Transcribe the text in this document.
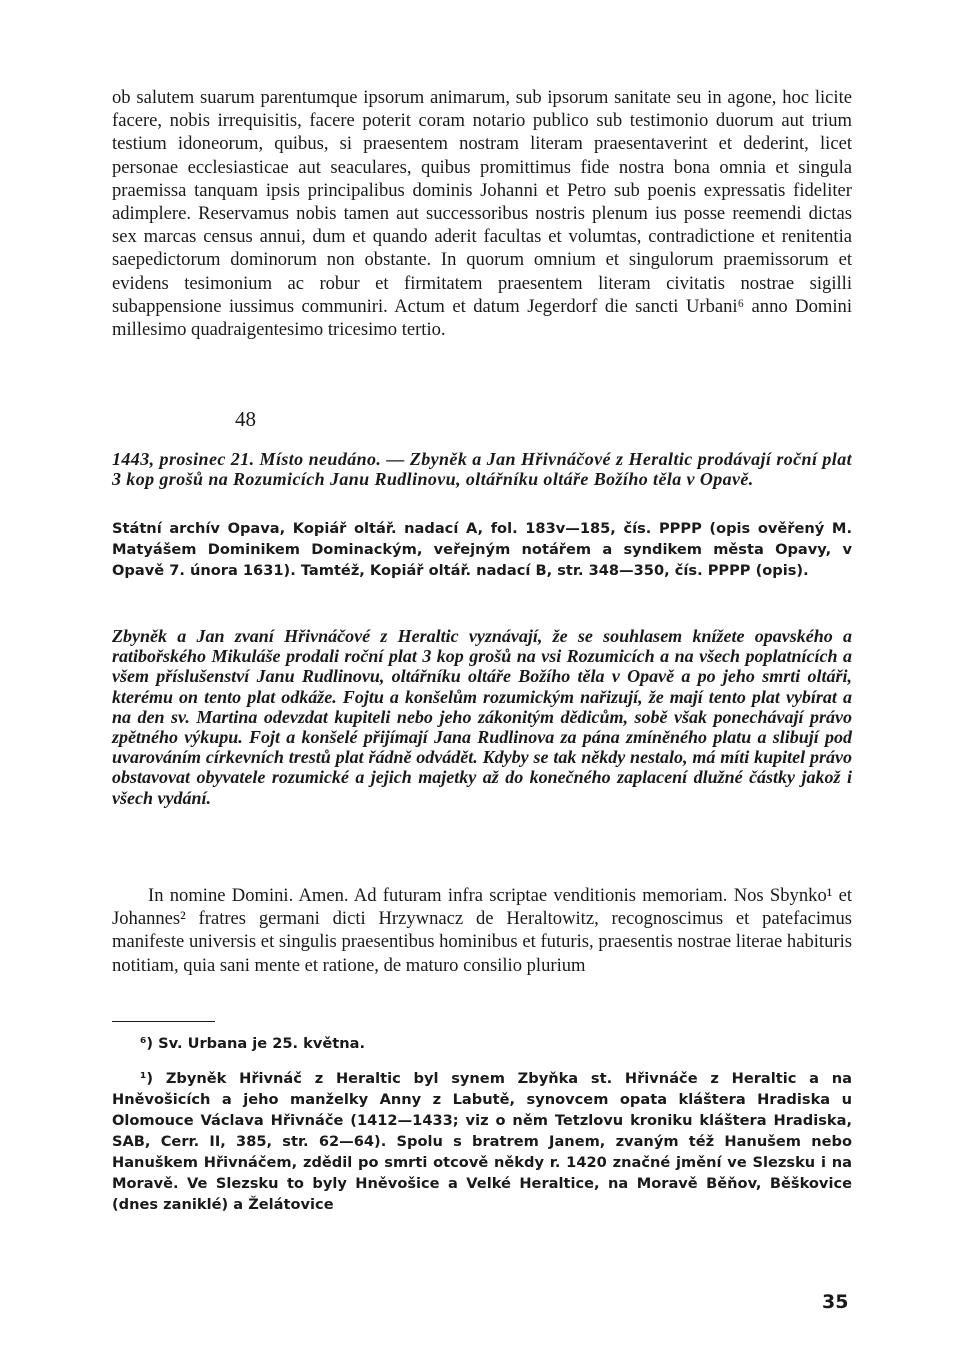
ob salutem suarum parentumque ipsorum animarum, sub ipsorum sanitate seu in agone, hoc licite facere, nobis irrequisitis, facere poterit coram notario publico sub testimonio duorum aut trium testium idoneorum, quibus, si praesentem nostram literam praesentaverint et dederint, licet personae ecclesiasticae aut seaculares, quibus promittimus fide nostra bona omnia et singula praemissa tanquam ipsis principalibus dominis Johanni et Petro sub poenis expressatis fideliter adimplere. Reservamus nobis tamen aut successoribus nostris plenum ius posse reemendi dictas sex marcas census annui, dum et quando aderit facultas et volumtas, contradictione et renitentia saepedictorum dominorum non obstante. In quorum omnium et singulorum praemissorum et evidens tesimonium ac robur et firmitatem praesentem literam civitatis nostrae sigilli subappensione iussimus communiri. Actum et datum Jegerdorf die sancti Urbani⁶ anno Domini millesimo quadraigentesimo tricesimo tertio.
48
1443, prosinec 21. Místo neudáno. — Zbyněk a Jan Hřivnáčové z Heraltic prodávají roční plat 3 kop grošů na Rozumicích Janu Rudlinovu, oltářníku oltáře Božího těla v Opavě.
Státní archív Opava, Kopiář oltář. nadací A, fol. 183v—185, čís. PPPP (opis ověřený M. Matyášem Dominikem Dominackým, veřejným notářem a syndikem města Opavy, v Opavě 7. února 1631). Tamtéž, Kopiář oltář. nadací B, str. 348—350, čís. PPPP (opis).
Zbyněk a Jan zvaní Hřivnáčové z Heraltic vyznávají, že se souhlasem knížete opavského a ratibořského Mikuláše prodali roční plat 3 kop grošů na vsi Rozumicích a na všech poplatnících a všem příslušenství Janu Rudlinovu, oltářníku oltáře Božího těla v Opavě a po jeho smrti oltáři, kterému on tento plat odkáže. Fojtu a konšelům rozumickým nařizují, že mají tento plat vybírat a na den sv. Martina odevzdat kupiteli nebo jeho zákonitým dědicům, sobě však ponechávají právo zpětného výkupu. Fojt a konšelé přijímají Jana Rudlinova za pána zmíněného platu a slibují pod uvarováním církevních trestů plat řádně odvádět. Kdyby se tak někdy nestalo, má míti kupitel právo obstavovat obyvatele rozumické a jejich majetky až do konečného zaplacení dlužné částky jakož i všech vydání.
In nomine Domini. Amen. Ad futuram infra scriptae venditionis memoriam. Nos Sbynko¹ et Johannes² fratres germani dicti Hrzywnacz de Heraltowitz, recognoscimus et patefacimus manifeste universis et singulis praesentibus hominibus et futuris, praesentis nostrae literae habituris notitiam, quia sani mente et ratione, de maturo consilio plurium
⁶) Sv. Urbana je 25. května.
¹) Zbyněk Hřivnáč z Heraltic byl synem Zbyňka st. Hřivnáče z Heraltic a na Hněvošicích a jeho manželky Anny z Labutě, synovcem opata kláštera Hradiska u Olomouce Václava Hřivnáče (1412—1433; viz o něm Tetzlovu kroniku kláštera Hradiska, SAB, Cerr. II, 385, str. 62—64). Spolu s bratrem Janem, zvaným též Hanušem nebo Hanuškem Hřivnáčem, zdědil po smrti otcově někdy r. 1420 značné jmění ve Slezsku i na Moravě. Ve Slezsku to byly Hněvošice a Velké Heraltice, na Moravě Běňov, Běškovice (dnes zaniklé) a Želátovice
35
